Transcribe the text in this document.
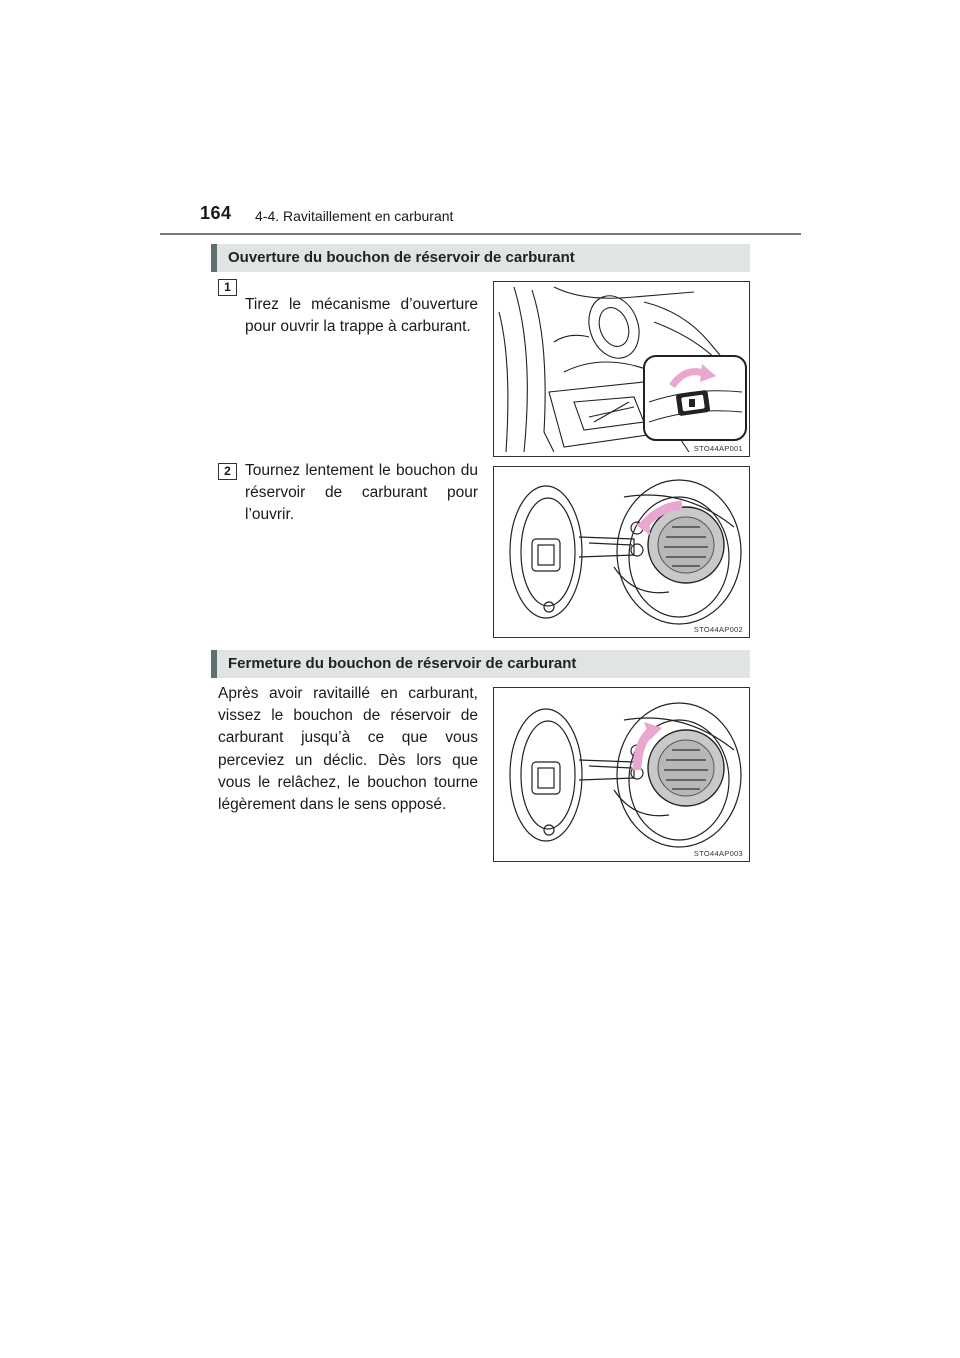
164 4-4. Ravitaillement en carburant
Ouverture du bouchon de réservoir de carburant
1
Tirez le mécanisme d’ouverture pour ouvrir la trappe à carburant.
STO44AP001
2 Tournez lentement le bouchon du réservoir de carburant pour l’ouvrir.
STO44AP002
Fermeture du bouchon de réservoir de carburant
Après avoir ravitaillé en carburant, vissez le bouchon de réservoir de carburant jusqu’à ce que vous perceviez un déclic. Dès lors que vous le relâchez, le bouchon tourne légèrement dans le sens opposé.
STO44AP003
